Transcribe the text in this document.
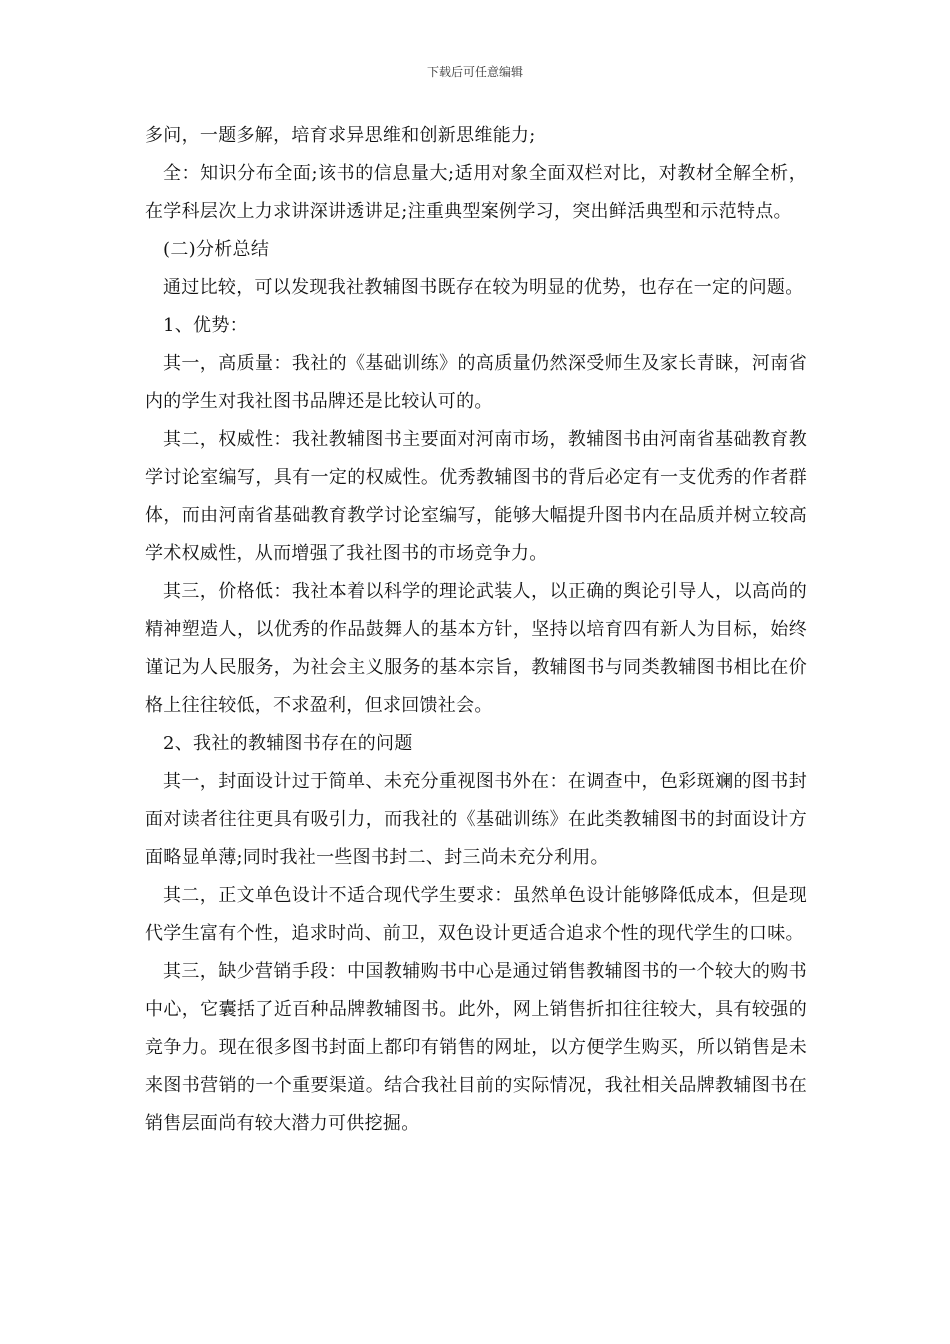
下载后可任意编辑

多问，一题多解，培育求异思维和创新思维能力;

全：知识分布全面;该书的信息量大;适用对象全面双栏对比，对教材全解全析，在学科层次上力求讲深讲透讲足;注重典型案例学习，突出鲜活典型和示范特点。

(二)分析总结

通过比较，可以发现我社教辅图书既存在较为明显的优势，也存在一定的问题。

1、优势：

其一，高质量：我社的《基础训练》的高质量仍然深受师生及家长青睐，河南省内的学生对我社图书品牌还是比较认可的。

其二，权威性：我社教辅图书主要面对河南市场，教辅图书由河南省基础教育教学讨论室编写，具有一定的权威性。优秀教辅图书的背后必定有一支优秀的作者群体，而由河南省基础教育教学讨论室编写，能够大幅提升图书内在品质并树立较高学术权威性，从而增强了我社图书的市场竞争力。

其三，价格低：我社本着以科学的理论武装人，以正确的舆论引导人，以高尚的精神塑造人，以优秀的作品鼓舞人的基本方针，坚持以培育四有新人为目标，始终谨记为人民服务，为社会主义服务的基本宗旨，教辅图书与同类教辅图书相比在价格上往往较低，不求盈利，但求回馈社会。

2、我社的教辅图书存在的问题

其一，封面设计过于简单、未充分重视图书外在：在调查中，色彩斑斓的图书封面对读者往往更具有吸引力，而我社的《基础训练》在此类教辅图书的封面设计方面略显单薄;同时我社一些图书封二、封三尚未充分利用。

其二，正文单色设计不适合现代学生要求：虽然单色设计能够降低成本，但是现代学生富有个性，追求时尚、前卫，双色设计更适合追求个性的现代学生的口味。

其三，缺少营销手段：中国教辅购书中心是通过销售教辅图书的一个较大的购书中心，它囊括了近百种品牌教辅图书。此外，网上销售折扣往往较大，具有较强的竞争力。现在很多图书封面上都印有销售的网址，以方便学生购买，所以销售是未来图书营销的一个重要渠道。结合我社目前的实际情况，我社相关品牌教辅图书在销售层面尚有较大潜力可供挖掘。
